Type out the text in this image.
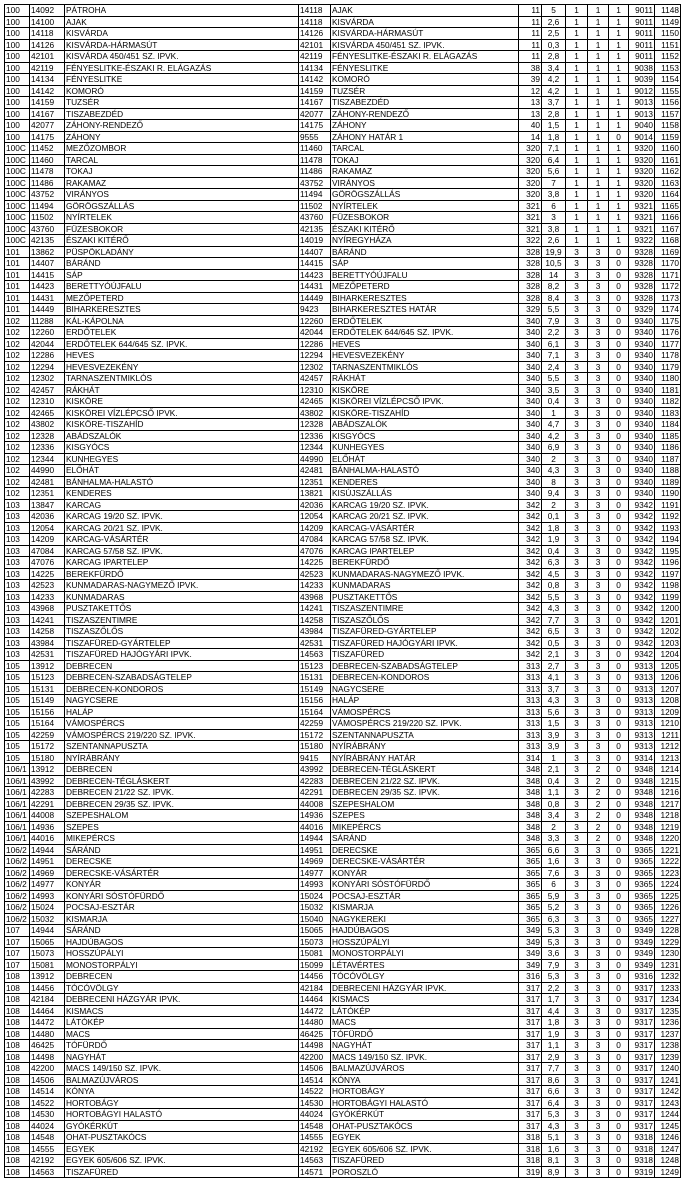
100	14092	PÁTROHA	14118	AJAK	11	5	1	1	1	9011	1148
100	14100	AJAK	14118	KISVÁRDA	11	2,6	1	1	1	9011	1149
100	14118	KISVÁRDA	14126	KISVÁRDA-HÁRMASÚT	11	2,5	1	1	1	9011	1150
100	14126	KISVÁRDA-HÁRMASÚT	42101	KISVÁRDA 450/451 SZ. IPVK.	11	0,3	1	1	1	9011	1151
100	42101	KISVÁRDA 450/451 SZ. IPVK.	42119	FÉNYESLITKE-ÉSZAKI R. ELÁGAZÁS	11	2,8	1	1	1	9011	1152
100	42119	FÉNYESLITKE-ÉSZAKI R. ELÁGAZÁS	14134	FÉNYESLITKE	38	3,4	1	1	1	9038	1153
100	14134	FÉNYESLITKE	14142	KOMORÓ	39	4,2	1	1	1	9039	1154
100	14142	KOMORÓ	14159	TUZSÉR	12	4,2	1	1	1	9012	1155
100	14159	TUZSÉR	14167	TISZABEZDÉD	13	3,7	1	1	1	9013	1156
100	14167	TISZABEZDÉD	42077	ZÁHONY-RENDEZŐ	13	2,8	1	1	1	9013	1157
100	42077	ZÁHONY-RENDEZŐ	14175	ZÁHONY	40	1,5	1	1	1	9040	1158
100	14175	ZÁHONY	9555	ZÁHONY HATÁR 1	14	1,8	1	1	0	9014	1159
100C	11452	MEZŐZOMBOR	11460	TARCAL	320	7,1	1	1	1	9320	1160
100C	11460	TARCAL	11478	TOKAJ	320	6,4	1	1	1	9320	1161
100C	11478	TOKAJ	11486	RAKAMAZ	320	5,6	1	1	1	9320	1162
100C	11486	RAKAMAZ	43752	VIRÁNYOS	320	7	1	1	1	9320	1163
100C	43752	VIRÁNYOS	11494	GÖRÖGSZÁLLÁS	320	3,8	1	1	1	9320	1164
100C	11494	GÖRÖGSZÁLLÁS	11502	NYÍRTELEK	321	6	1	1	1	9321	1165
100C	11502	NYÍRTELEK	43760	FÜZESBOKOR	321	3	1	1	1	9321	1166
100C	43760	FÜZESBOKOR	42135	ÉSZAKI KITÉRŐ	321	3,8	1	1	1	9321	1167
100C	42135	ÉSZAKI KITÉRŐ	14019	NYÍREGYHÁZA	322	2,6	1	1	1	9322	1168
101	13862	PÜSPÖKLADÁNY	14407	BÁRÁND	328	19,9	3	3	0	9328	1169
101	14407	BÁRÁND	14415	SÁP	328	10,5	3	3	0	9328	1170
101	14415	SÁP	14423	BERETTYÓÚJFALU	328	14	3	3	0	9328	1171
101	14423	BERETTYÓÚJFALU	14431	MEZŐPETERD	328	8,2	3	3	0	9328	1172
101	14431	MEZŐPETERD	14449	BIHARKERESZTES	328	8,4	3	3	0	9328	1173
101	14449	BIHARKERESZTES	9423	BIHARKERESZTES HATÁR	329	5,5	3	3	0	9329	1174
102	11288	KÁL-KÁPOLNA	12260	ERDŐTELEK	340	7,9	3	3	0	9340	1175
102	12260	ERDŐTELEK	42044	ERDŐTELEK 644/645 SZ. IPVK.	340	2,2	3	3	0	9340	1176
102	42044	ERDŐTELEK 644/645 SZ. IPVK.	12286	HEVES	340	6,1	3	3	0	9340	1177
102	12286	HEVES	12294	HEVESVEZEKÉNY	340	7,1	3	3	0	9340	1178
102	12294	HEVESVEZEKÉNY	12302	TARNASZENTMIKLÓS	340	2,4	3	3	0	9340	1179
102	12302	TARNASZENTMIKLÓS	42457	RÁKHÁT	340	5,5	3	3	0	9340	1180
102	42457	RÁKHÁT	12310	KISKÖRE	340	3,5	3	3	0	9340	1181
102	12310	KISKÖRE	42465	KISKÖREI VÍZLÉPCSŐ IPVK.	340	0,4	3	3	0	9340	1182
102	42465	KISKÖREI VÍZLÉPCSŐ IPVK.	43802	KISKÖRE-TISZAHÍD	340	1	3	3	0	9340	1183
102	43802	KISKÖRE-TISZAHÍD	12328	ABÁDSZALÓK	340	4,7	3	3	0	9340	1184
102	12328	ABÁDSZALÓK	12336	KISGYÓCS	340	4,2	3	3	0	9340	1185
102	12336	KISGYÓCS	12344	KUNHEGYES	340	6,9	3	3	0	9340	1186
102	12344	KUNHEGYES	44990	ELŐHÁT	340	2	3	3	0	9340	1187
102	44990	ELŐHÁT	42481	BÁNHALMA-HALASTÓ	340	4,3	3	3	0	9340	1188
102	42481	BÁNHALMA-HALASTÓ	12351	KENDERES	340	8	3	3	0	9340	1189
102	12351	KENDERES	13821	KISÚJSZÁLLÁS	340	9,4	3	3	0	9340	1190
103	13847	KARCAG	42036	KARCAG 19/20 SZ. IPVK.	342	2	3	3	0	9342	1191
103	42036	KARCAG 19/20 SZ. IPVK.	12054	KARCAG 20/21 SZ. IPVK.	342	0,1	3	3	0	9342	1192
103	12054	KARCAG 20/21 SZ. IPVK.	14209	KARCAG-VÁSÁRTÉR	342	1,8	3	3	0	9342	1193
103	14209	KARCAG-VÁSÁRTÉR	47084	KARCAG 57/58 SZ. IPVK.	342	1,9	3	3	0	9342	1194
103	47084	KARCAG 57/58 SZ. IPVK.	47076	KARCAG IPARTELEP	342	0,4	3	3	0	9342	1195
103	47076	KARCAG IPARTELEP	14225	BEREKFÜRDŐ	342	6,3	3	3	0	9342	1196
103	14225	BEREKFÜRDŐ	42523	KUNMADARAS-NAGYMEZŐ IPVK.	342	4,5	3	3	0	9342	1197
103	42523	KUNMADARAS-NAGYMEZŐ IPVK.	14233	KUNMADARAS	342	0,8	3	3	0	9342	1198
103	14233	KUNMADARAS	43968	PUSZTAKETTŐS	342	5,5	3	3	0	9342	1199
103	43968	PUSZTAKETTŐS	14241	TISZASZENTIMRE	342	4,3	3	3	0	9342	1200
103	14241	TISZASZENTIMRE	14258	TISZASZŐLŐS	342	7,7	3	3	0	9342	1201
103	14258	TISZASZŐLŐS	43984	TISZAFÜRED-GYÁRTELEP	342	6,5	3	3	0	9342	1202
103	43984	TISZAFÜRED-GYÁRTELEP	42531	TISZAFÜRED HAJÓGYÁRI IPVK.	342	0,5	3	3	0	9342	1203
103	42531	TISZAFÜRED HAJÓGYÁRI IPVK.	14563	TISZAFÜRED	342	2,1	3	3	0	9342	1204
105	13912	DEBRECEN	15123	DEBRECEN-SZABADSÁGTELEP	313	2,7	3	3	0	9313	1205
105	15123	DEBRECEN-SZABADSÁGTELEP	15131	DEBRECEN-KONDOROS	313	4,1	3	3	0	9313	1206
105	15131	DEBRECEN-KONDOROS	15149	NAGYCSERE	313	3,7	3	3	0	9313	1207
105	15149	NAGYCSERE	15156	HALÁP	313	4,3	3	3	0	9313	1208
105	15156	HALÁP	15164	VÁMOSPÉRCS	313	5,6	3	3	0	9313	1209
105	15164	VÁMOSPÉRCS	42259	VÁMOSPÉRCS 219/220 SZ. IPVK.	313	1,5	3	3	0	9313	1210
105	42259	VÁMOSPÉRCS 219/220 SZ. IPVK.	15172	SZENTANNAPUSZTA	313	3,9	3	3	0	9313	1211
105	15172	SZENTANNAPUSZTA	15180	NYÍRÁBRÁNY	313	3,9	3	3	0	9313	1212
105	15180	NYÍRÁBRÁNY	9415	NYÍRÁBRÁNY HATÁR	314	1	3	3	0	9314	1213
106/1	13912	DEBRECEN	43992	DEBRECEN-TÉGLÁSKERT	348	2,1	3	2	0	9348	1214
106/1	43992	DEBRECEN-TÉGLÁSKERT	42283	DEBRECEN 21/22 SZ. IPVK.	348	0,4	3	2	0	9348	1215
106/1	42283	DEBRECEN 21/22 SZ. IPVK.	42291	DEBRECEN 29/35 SZ. IPVK.	348	1,1	3	2	0	9348	1216
106/1	42291	DEBRECEN 29/35 SZ. IPVK.	44008	SZEPESHALOM	348	0,8	3	2	0	9348	1217
106/1	44008	SZEPESHALOM	14936	SZEPES	348	3,4	3	2	0	9348	1218
106/1	14936	SZEPES	44016	MIKEPÉRCS	348	2	3	2	0	9348	1219
106/1	44016	MIKEPÉRCS	14944	SÁRÁND	348	3,3	3	2	0	9348	1220
106/2	14944	SÁRÁND	14951	DERECSKE	365	6,6	3	3	0	9365	1221
106/2	14951	DERECSKE	14969	DERECSKE-VÁSÁRTÉR	365	1,6	3	3	0	9365	1222
106/2	14969	DERECSKE-VÁSÁRTÉR	14977	KONYÁR	365	7,6	3	3	0	9365	1223
106/2	14977	KONYÁR	14993	KONYÁRI SÓSTÓFÜRDŐ	365	6	3	3	0	9365	1224
106/2	14993	KONYÁRI SÓSTÓFÜRDŐ	15024	POCSAJ-ESZTÁR	365	5,9	3	3	0	9365	1225
106/2	15024	POCSAJ-ESZTÁR	15032	KISMARJA	365	5,2	3	3	0	9365	1226
106/2	15032	KISMARJA	15040	NAGYKEREKI	365	6,3	3	3	0	9365	1227
107	14944	SÁRÁND	15065	HAJDÚBAGOS	349	5,3	3	3	0	9349	1228
107	15065	HAJDÚBAGOS	15073	HOSSZÚPÁLYI	349	5,3	3	3	0	9349	1229
107	15073	HOSSZÚPÁLYI	15081	MONOSTORPÁLYI	349	3,6	3	3	0	9349	1230
107	15081	MONOSTORPÁLYI	15099	LÉTAVÉRTES	349	7,9	3	3	0	9349	1231
108	13912	DEBRECEN	14456	TÓCÓVÖLGY	316	5,3	3	3	0	9316	1232
108	14456	TÓCÓVÖLGY	42184	DEBRECENI HÁZGYÁR IPVK.	317	2,2	3	3	0	9317	1233
108	42184	DEBRECENI HÁZGYÁR IPVK.	14464	KISMACS	317	1,7	3	3	0	9317	1234
108	14464	KISMACS	14472	LÁTÓKÉP	317	4,4	3	3	0	9317	1235
108	14472	LÁTÓKÉP	14480	MACS	317	1,8	3	3	0	9317	1236
108	14480	MACS	46425	TÓFÜRDŐ	317	1,9	3	3	0	9317	1237
108	46425	TÓFÜRDŐ	14498	NAGYHÁT	317	1,1	3	3	0	9317	1238
108	14498	NAGYHÁT	42200	MACS 149/150 SZ. IPVK.	317	2,9	3	3	0	9317	1239
108	42200	MACS 149/150 SZ. IPVK.	14506	BALMAZÚJVÁROS	317	7,7	3	3	0	9317	1240
108	14506	BALMAZÚJVÁROS	14514	KÓNYA	317	8,6	3	3	0	9317	1241
108	14514	KÓNYA	14522	HORTOBÁGY	317	6,6	3	3	0	9317	1242
108	14522	HORTOBÁGY	14530	HORTOBÁGYI HALASTÓ	317	6,4	3	3	0	9317	1243
108	14530	HORTOBÁGYI HALASTÓ	44024	GYÓKÉRKÚT	317	5,3	3	3	0	9317	1244
108	44024	GYÓKÉRKÚT	14548	OHAT-PUSZTAKÓCS	317	4,3	3	3	0	9317	1245
108	14548	OHAT-PUSZTAKÓCS	14555	EGYEK	318	5,1	3	3	0	9318	1246
108	14555	EGYEK	42192	EGYEK 605/606 SZ. IPVK.	318	1,6	3	3	0	9318	1247
108	42192	EGYEK 605/606 SZ. IPVK.	14563	TISZAFÜRED	318	8,1	3	3	0	9318	1248
108	14563	TISZAFÜRED	14571	POROSZLÓ	319	8,9	3	3	0	9319	1249
